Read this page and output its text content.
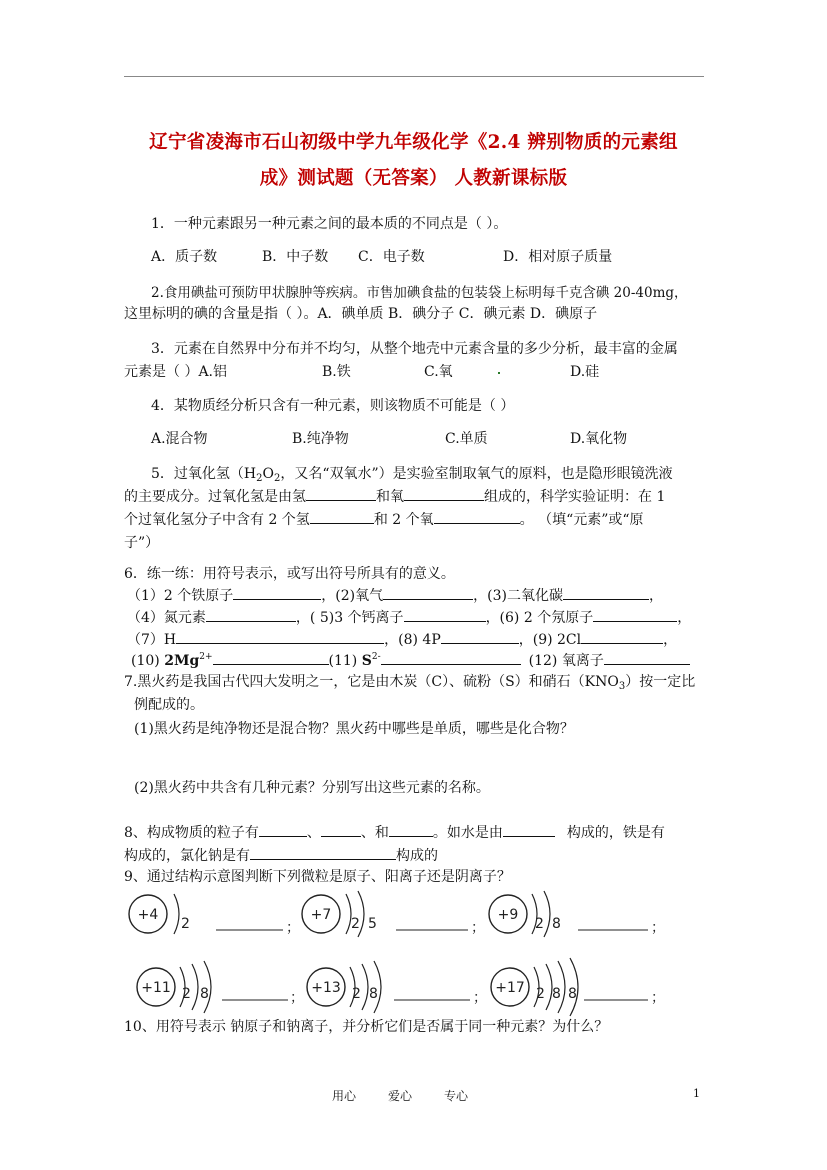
辽宁省凌海市石山初级中学九年级化学《2.4 辨别物质的元素组
成》测试题（无答案） 人教新课标版
1．一种元素跟另一种元素之间的最本质的不同点是（ ）。
A．质子数	B．中子数 C．电子数	D．相对原子质量
2.食用碘盐可预防甲状腺肿等疾病。市售加碘食盐的包装袋上标明每千克含碘 20-40mg，
这里标明的碘的含量是指（ ）。A．碘单质 B．碘分子 C．碘元素 D．碘原子
3．元素在自然界中分布并不均匀，从整个地壳中元素含量的多少分析，最丰富的金属
元素是（ ）A.铝	B.铁	C.氧	D.硅
4．某物质经分析只含有一种元素，则该物质不可能是（ ）
A.混合物	B.纯净物	C.单质	D.氧化物
5．过氧化氢（$H_2O_2$，又名“双氧水”）是实验室制取氧气的原料，也是隐形眼镜洗液
的主要成分。过氧化氢是由氢	和氧	组成的，科学实验证明：在 1
个过氧化氢分子中含有 2 个氢	和 2 个氧	。 （填“元素”或“原
子”）
6．练一练：用符号表示，或写出符号所具有的意义。
（1）2 个铁原子	，(2)氧气	，(3)二氧化碳	，
（4）氮元素	，( 5)3 个钙离子	，(6) 2 个氖原子	，
（7）H	，(8) 4P	，(9) 2Cl	，
(10) $2Mg^{2+}$	(11) $S^{2-}$	(12) 氧离子
7.黑火药是我国古代四大发明之一，它是由木炭（C）、硫粉（S）和硝石$(KNO_3)$按一定比
例配成的。
(1)黑火药是纯净物还是混合物？黑火药中哪些是单质，哪些是化合物？
(2)黑火药中共含有几种元素？分别写出这些元素的名称。
8、构成物质的粒子有	、	、和	。如水是由	构成的，铁是有
构成的，氯化钠是有	构成的
9、通过结构示意图判断下列微粒是原子、阳离子还是阴离子？
+4
2	；
+7
2 5	；
+9
2 8	；
+11 2 8	；
+13 2 8	；
+17 2 8 8	；
10、用符号表示 钠原子和钠离子，并分析它们是否属于同一种元素？为什么？
用心	爱心	专心	1
